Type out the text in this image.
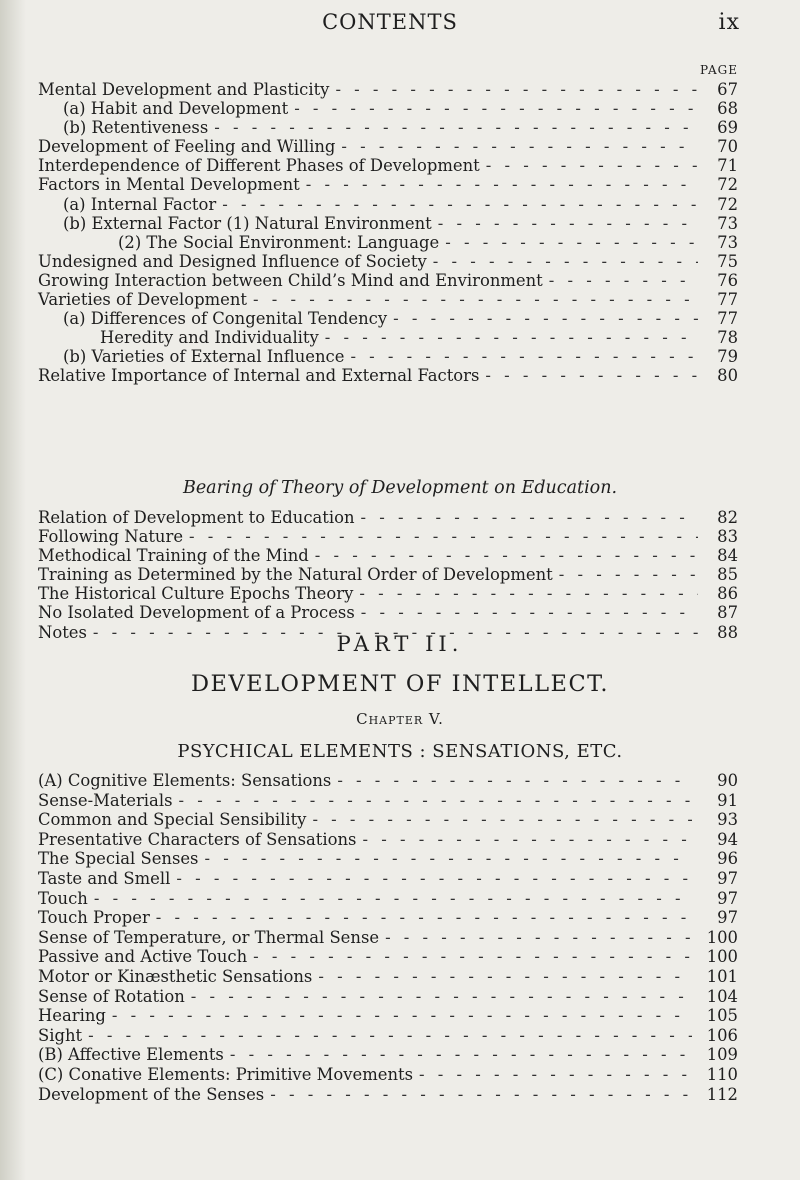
CONTENTS	ix
PAGE
Mental Development and Plasticity - - -	67
(a) Habit and Development - - -	68
(b) Retentiveness - - -	69
Development of Feeling and Willing - - -	70
Interdependence of Different Phases of Development - - -	71
Factors in Mental Development - - -	72
(a) Internal Factor - - -	72
(b) External Factor (1) Natural Environment - - -	73
(2) The Social Environment: Language - - -	73
Undesigned and Designed Influence of Society - - -	75
Growing Interaction between Child’s Mind and Environment - - -	76
Varieties of Development - - -	77
(a) Differences of Congenital Tendency - - -	77
Heredity and Individuality - - -	78
(b) Varieties of External Influence - - -	79
Relative Importance of Internal and External Factors - - -	80
Bearing of Theory of Development on Education.
Relation of Development to Education - - -	82
Following Nature - - -	83
Methodical Training of the Mind - - -	84
Training as Determined by the Natural Order of Development - - -	85
The Historical Culture Epochs Theory - - -	86
No Isolated Development of a Process - - -	87
Notes - - -	88
PART II.
DEVELOPMENT OF INTELLECT.
Chapter V.
PSYCHICAL ELEMENTS : SENSATIONS, ETC.
(A) Cognitive Elements: Sensations - - -	90
Sense-Materials - - -	91
Common and Special Sensibility - - -	93
Presentative Characters of Sensations - - -	94
The Special Senses - - -	96
Taste and Smell - - -	97
Touch - - -	97
Touch Proper - - -	97
Sense of Temperature, or Thermal Sense - - -	100
Passive and Active Touch - - -	100
Motor or Kinæsthetic Sensations - - -	101
Sense of Rotation - - -	104
Hearing - - -	105
Sight - - -	106
(B) Affective Elements - - -	109
(C) Conative Elements: Primitive Movements - - -	110
Development of the Senses - - -	112
